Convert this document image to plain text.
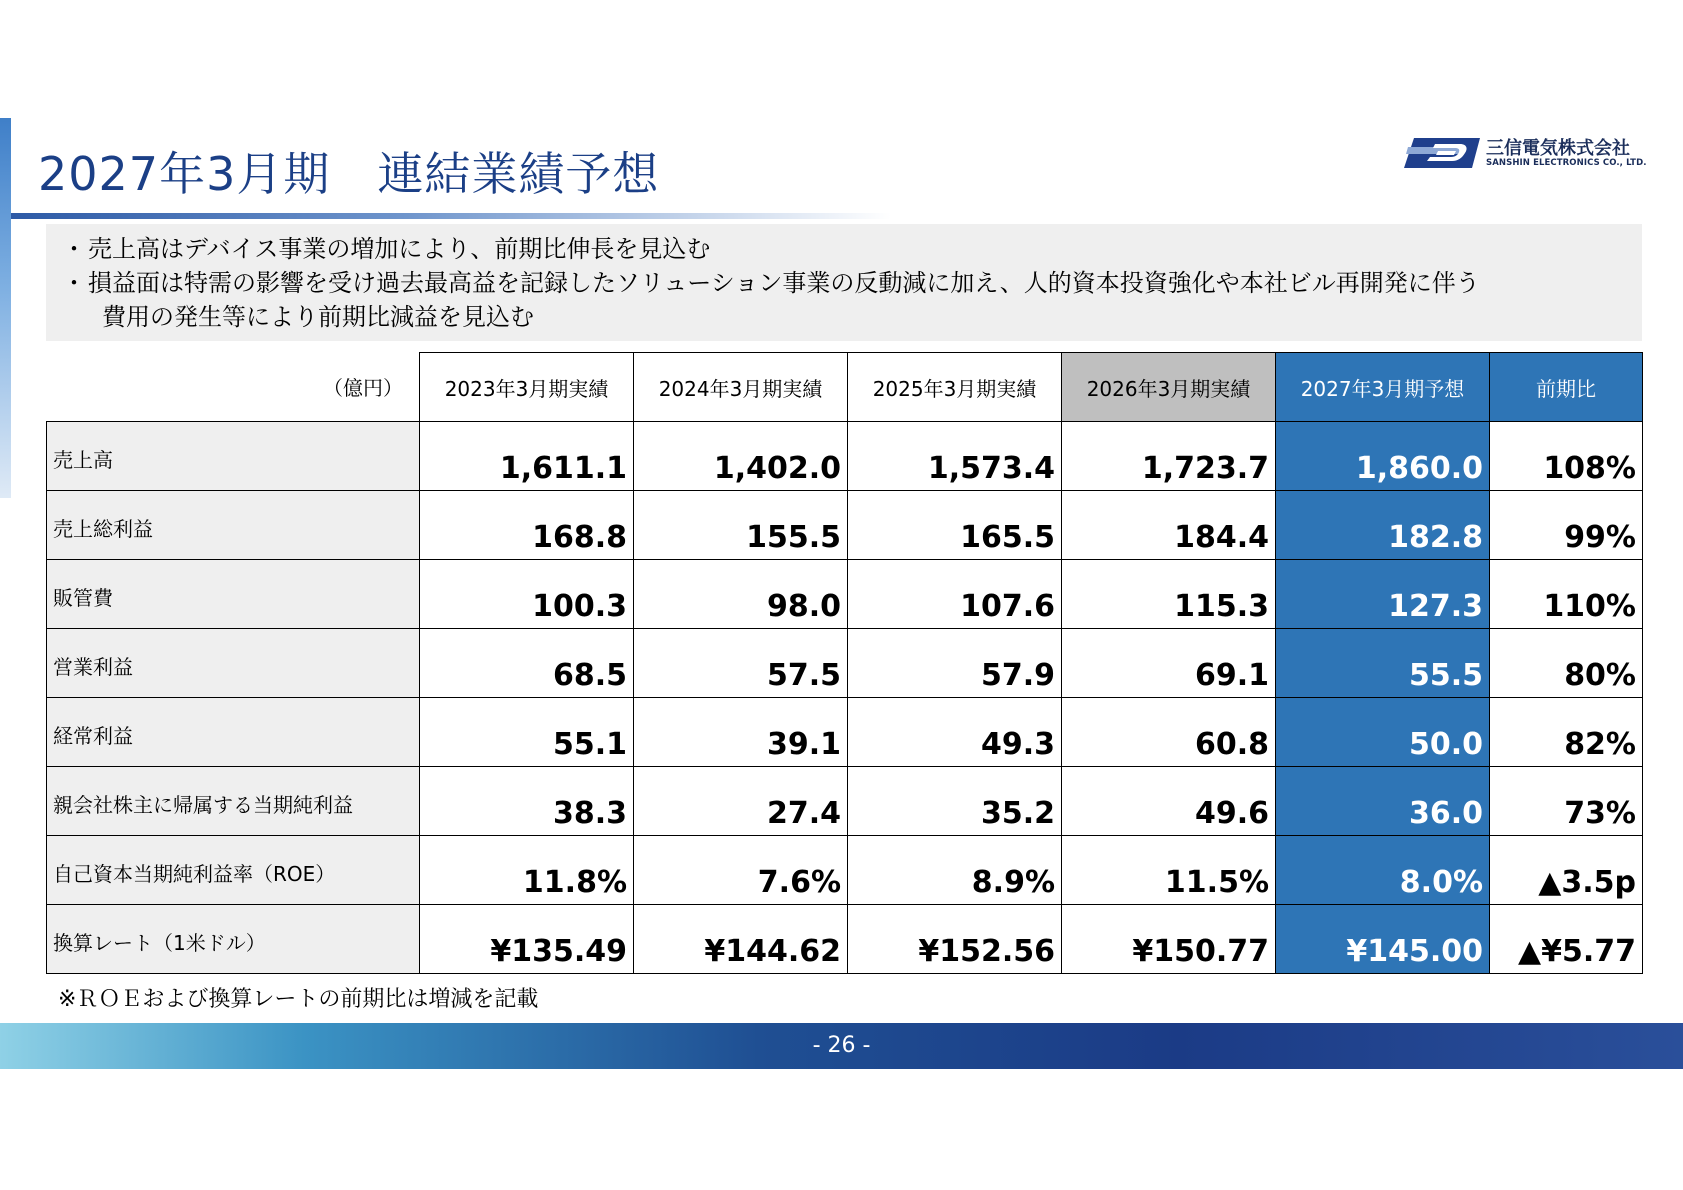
2027年3月期　連結業績予想	三信電気株式会社
SANSHIN ELECTRONICS CO., LTD.
・ 売上高はデバイス事業の増加により、前期比伸長を見込む
・ 損益面は特需の影響を受け過去最高益を記録したソリューション事業の反動減に加え、人的資本投資強化や本社ビル再開発に伴う
費用の発生等により前期比減益を見込む
（億円）	2023年3月期実績	2024年3月期実績	2025年3月期実績	2026年3月期実績	2027年3月期予想	前期比
売上高	1,611.1	1,402.0	1,573.4	1,723.7	1,860.0	108%
売上総利益	168.8	155.5	165.5	184.4	182.8	99%
販管費	100.3	98.0	107.6	115.3	127.3	110%
営業利益	68.5	57.5	57.9	69.1	55.5	80%
経常利益	55.1	39.1	49.3	60.8	50.0	82%
親会社株主に帰属する当期純利益	38.3	27.4	35.2	49.6	36.0	73%
自己資本当期純利益率（ROE）	11.8%	7.6%	8.9%	11.5%	8.0%	▲3.5p
換算レート（1米ドル）	¥135.49	¥144.62	¥152.56	¥150.77	¥145.00	▲¥5.77
※ＲＯＥおよび換算レートの前期比は増減を記載
- 26 -
